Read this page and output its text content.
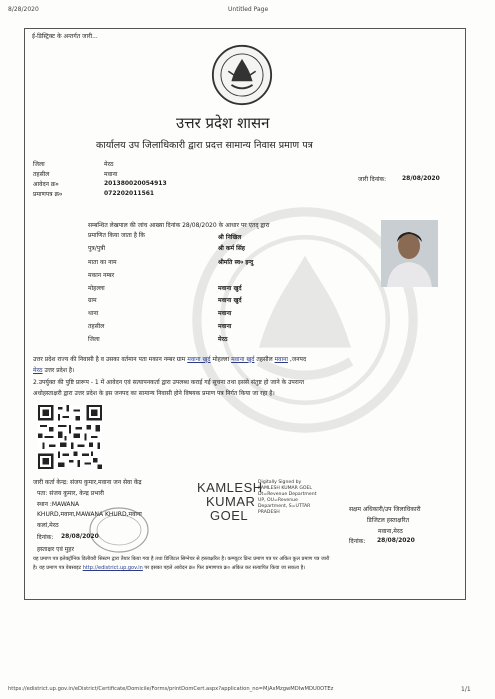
8/28/2020	Untitled Page
ई-डिस्ट्रिक्ट के अन्तर्गत जारी...
उत्तर प्रदेश शासन
कार्यालय उप जिलाधिकारी द्वारा प्रदत्त सामान्य निवास प्रमाण पत्र
जिला	मेरठ
तहसील	मवाना
आवेदन क्र०	201380020054913
प्रमाणपत्र क्र०	072202011561
जारी दिनांक:	28/08/2020
सम्बन्धित लेखपाल की जांच आख्या दिनांक 28/08/2020 के आधार पर एतद् द्वारा
प्रमाणित किया जाता है कि	श्री निखिल
पुत्र/पुत्री	श्री कर्म सिंह
माता का नाम	श्रीमति स्व० इन्दु
मकान नम्बर
मोहल्ला	मवाना खुर्द
ग्राम	मवाना खुर्द
थाना	मवाना
तहसील	मवाना
जिला	मेरठ
उत्तर प्रदेश राज्य की निवासी है व उसका वर्तमान पता मकान नम्बर ग्राम मवाना खुर्द मोहल्ला मवाना खुर्द तहसील मवाना ,जनपद
मेरठ उत्तर प्रदेश है।
2.उपर्युक्त की पुष्टि प्रारूप - 1 में आवेदन एवं सत्यापनकर्ता द्वारा उपलब्ध कराई गई सूचना तथा इससे संतुष्ट हो जाने के उपरान्त
अधोहस्ताक्षरी द्वारा उत्तर प्रदेश के इस जनपद का सामान्य निवासी होने विषयक प्रमाण पत्र निर्गत किया जा रहा है।
जारी कर्ता केन्द्र: संजय कुमार,मवाना जन सेवा केंद्र
पता: संजय कुमार, केन्द्र प्रभारी
स्थान :MAWANA
KHURD,मवाना,MAWANA KHURD,मवाना
कलां,मेरठ
दिनांक: 28/08/2020
हस्ताक्षर एवं मुहर
KAMLESH
KUMAR
GOEL
Digitally Signed by
KAMLESH KUMAR GOEL
Dt=Revenue Department
UP, OU=Revenue
Department, S=UTTAR
PRADESH	सक्षम अधिकारी/उप जिलाधिकारी
डिजिटल हस्ताक्षरित
मवाना,मेरठ
दिनांक: 28/08/2020
यह प्रमाण पत्र इलेक्ट्रॉनिक डिलीवरी सिस्टम द्वारा तैयार किया गया है तथा डिजिटल सिग्नेचर से हस्ताक्षरित है। कम्प्यूटर प्रिन्ट प्रमाण पत्र पर अंकित कुल प्रमाण पत्र जारी
है। यह प्रमाण पत्र वेबसाइट http://edistrict.up.gov.in पर इसका पहले आवेदन क्र० फिर प्रमाणपत्र क्र० अंकित कर सत्यापित किया जा सकता है।
https://edistrict.up.gov.in/eDistrict/Certificate/Domicile/Forms/printDomCert.aspx?application_no=MjAxMzgwMDIwMDU0OTEz	1/1
